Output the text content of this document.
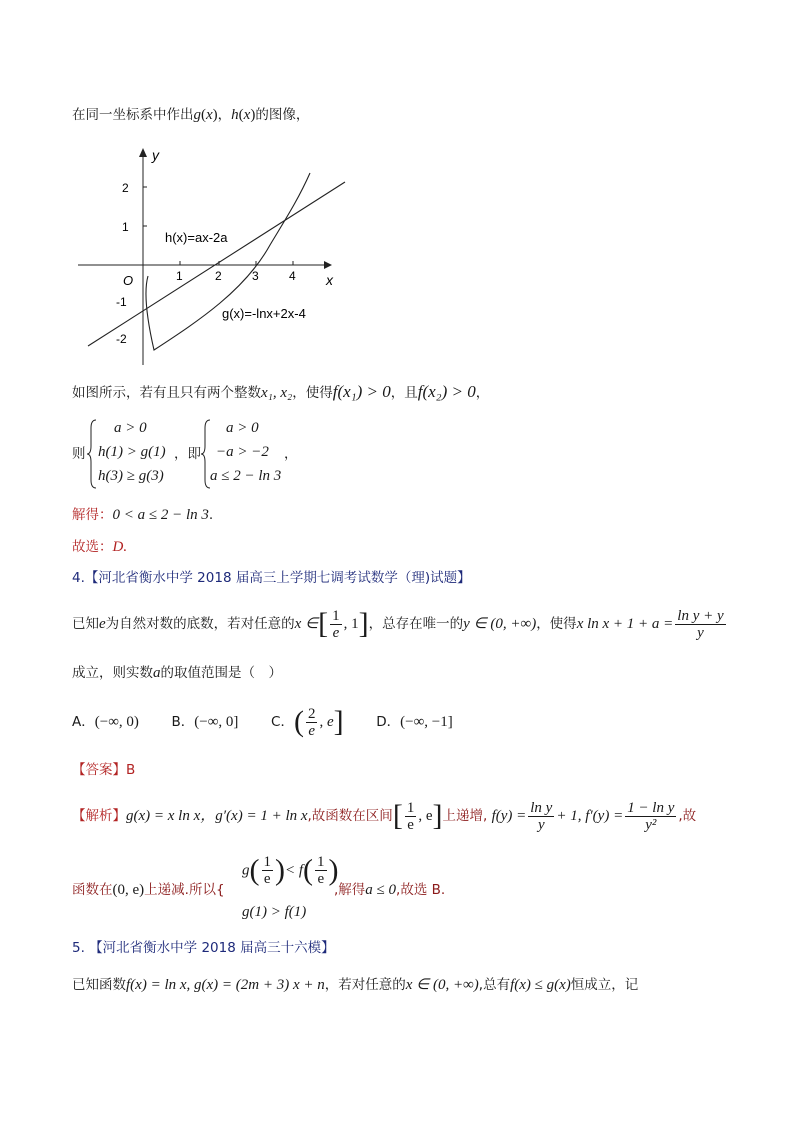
在同一坐标系中作出g(x)，h(x)的图像，
y
x
O	1	2	3	4
2
1
-1
-2
h(x)=ax-2a
g(x)=-lnx+2x-4
如图所示，若有且只有两个整数x₁, x₂，使得f(x₁) > 0，且f(x₂) > 0，
则
a > 0
h(1) > g(1)
h(3) ≥ g(3)
，即
a > 0
−a > −2
a ≤ 2 − ln 3
，
解得：0 < a ≤ 2 − ln 3.
故选：D.
4.【河北省衡水中学 2018 届高三上学期七调考试数学（理)试题】
已知e为自然对数的底数，若对任意的x ∈[ $\frac{1}{e}$ , 1]，总存在唯一的y ∈ (0, +∞)，使得x $\ln x + 1 + a = \frac{\text{ln y + y}}{y}$
成立，则实数a的取值范围是（　）
A．(−∞, 0) B．(−∞, 0] C．( $\frac{2}{e}$ , e] D．(−∞, −1]
【答案】B
【解析】g(x) = x ln x，g′(x) = 1 + ln x,故函数在区间[ $\frac{1}{e}$ , e]上递增, $f(y) = \frac{\text{ln y}}{y} + 1$, $f'(y) = \frac{\text{1 − ln y}}{\text{y²}}$ ,故
函数在(0, e)上递减.所以{
$g( \frac{1}{e}$ )< $f( \frac{1}{e}$ )
g(1) > f(1)
,解得a ≤ 0,故选 B.
5. 【河北省衡水中学 2018 届高三十六模】
已知函数f(x) = ln x, g(x) = (2m + 3) x + n，若对任意的x ∈ (0, +∞),总有f(x) ≤ g(x)恒成立，记
